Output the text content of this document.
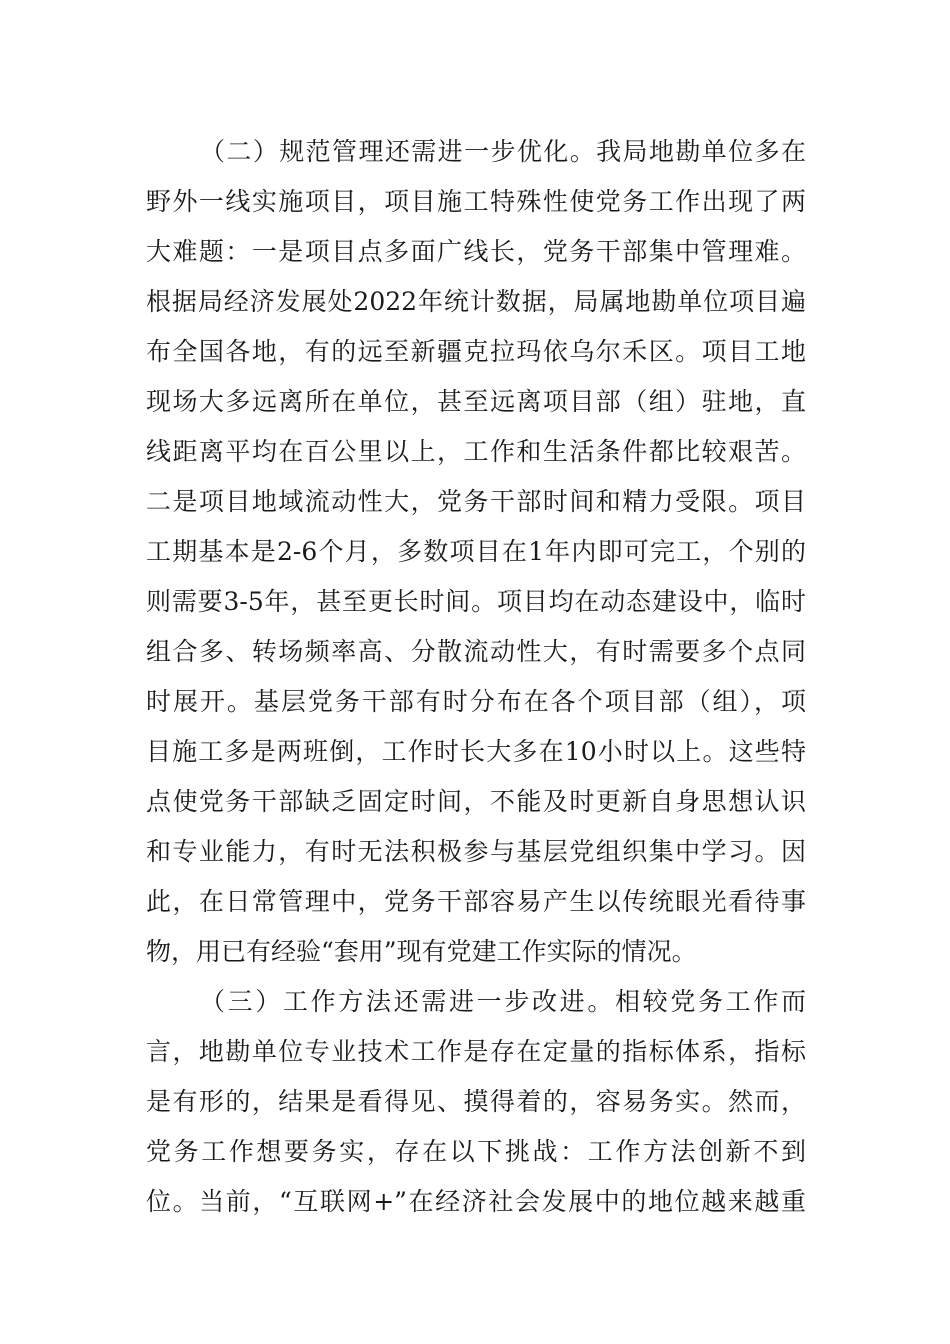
（二）规范管理还需进一步优化。我局地勘单位多在
野外一线实施项目，项目施工特殊性使党务工作出现了两
大难题：一是项目点多面广线长，党务干部集中管理难。
根据局经济发展处2022年统计数据，局属地勘单位项目遍
布全国各地，有的远至新疆克拉玛依乌尔禾区。项目工地
现场大多远离所在单位，甚至远离项目部（组）驻地，直
线距离平均在百公里以上，工作和生活条件都比较艰苦。
二是项目地域流动性大，党务干部时间和精力受限。项目
工期基本是2-6个月，多数项目在1年内即可完工，个别的
则需要3-5年，甚至更长时间。项目均在动态建设中，临时
组合多、转场频率高、分散流动性大，有时需要多个点同
时展开。基层党务干部有时分布在各个项目部（组），项
目施工多是两班倒，工作时长大多在10小时以上。这些特
点使党务干部缺乏固定时间，不能及时更新自身思想认识
和专业能力，有时无法积极参与基层党组织集中学习。因
此，在日常管理中，党务干部容易产生以传统眼光看待事
物，用已有经验“套用”现有党建工作实际的情况。
（三）工作方法还需进一步改进。相较党务工作而
言，地勘单位专业技术工作是存在定量的指标体系，指标
是有形的，结果是看得见、摸得着的，容易务实。然而，
党务工作想要务实，存在以下挑战：工作方法创新不到
位。当前，“互联网+”在经济社会发展中的地位越来越重
